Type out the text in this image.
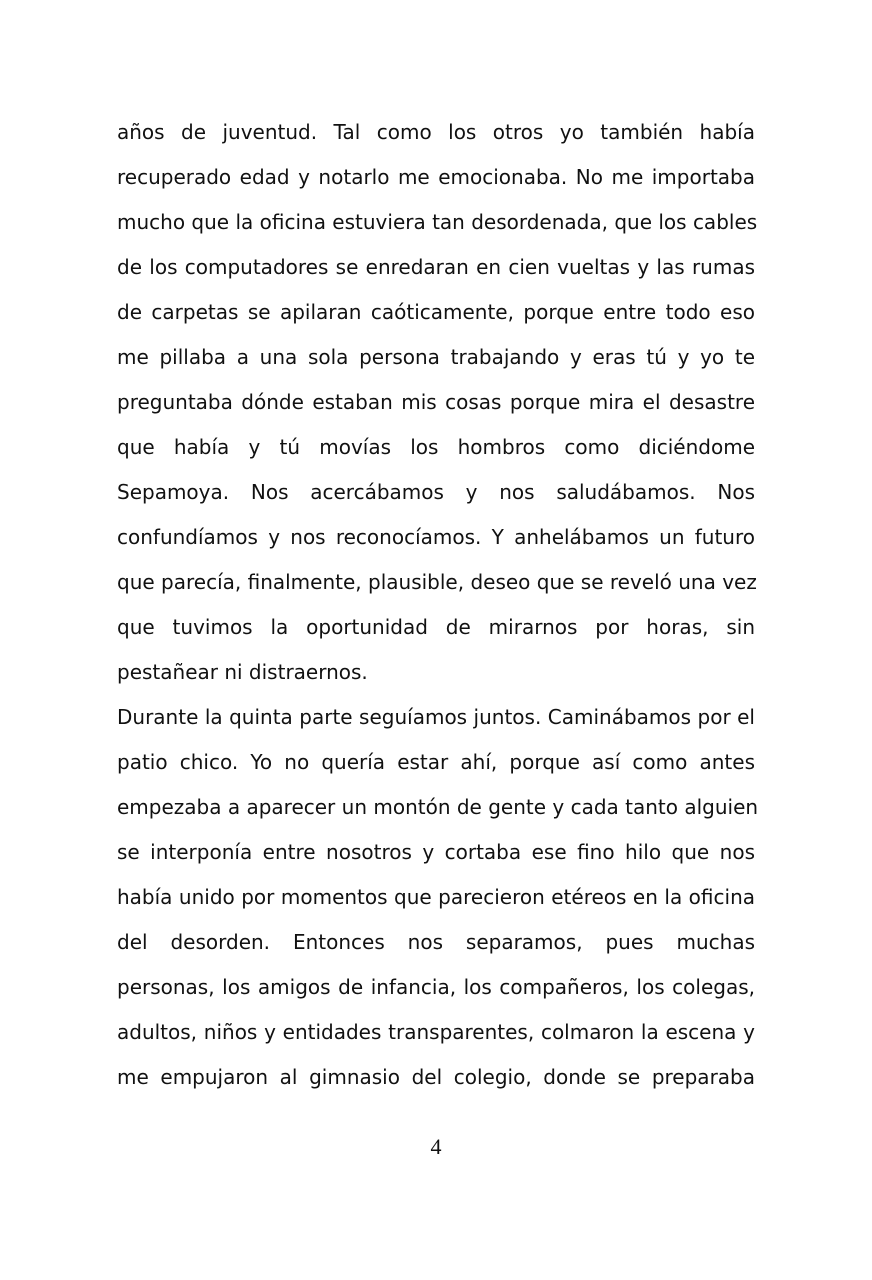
años de juventud. Tal como los otros yo también había
recuperado edad y notarlo me emocionaba. No me importaba
mucho que la oficina estuviera tan desordenada, que los cables
de los computadores se enredaran en cien vueltas y las rumas
de carpetas se apilaran caóticamente, porque entre todo eso
me pillaba a una sola persona trabajando y eras tú y yo te
preguntaba dónde estaban mis cosas porque mira el desastre
que había y tú movías los hombros como diciéndome
Sepamoya. Nos acercábamos y nos saludábamos. Nos
confundíamos y nos reconocíamos. Y anhelábamos un futuro
que parecía, finalmente, plausible, deseo que se reveló una vez
que tuvimos la oportunidad de mirarnos por horas, sin
pestañear ni distraernos.
Durante la quinta parte seguíamos juntos. Caminábamos por el
patio chico. Yo no quería estar ahí, porque así como antes
empezaba a aparecer un montón de gente y cada tanto alguien
se interponía entre nosotros y cortaba ese fino hilo que nos
había unido por momentos que parecieron etéreos en la oficina
del desorden. Entonces nos separamos, pues muchas
personas, los amigos de infancia, los compañeros, los colegas,
adultos, niños y entidades transparentes, colmaron la escena y
me empujaron al gimnasio del colegio, donde se preparaba
4
